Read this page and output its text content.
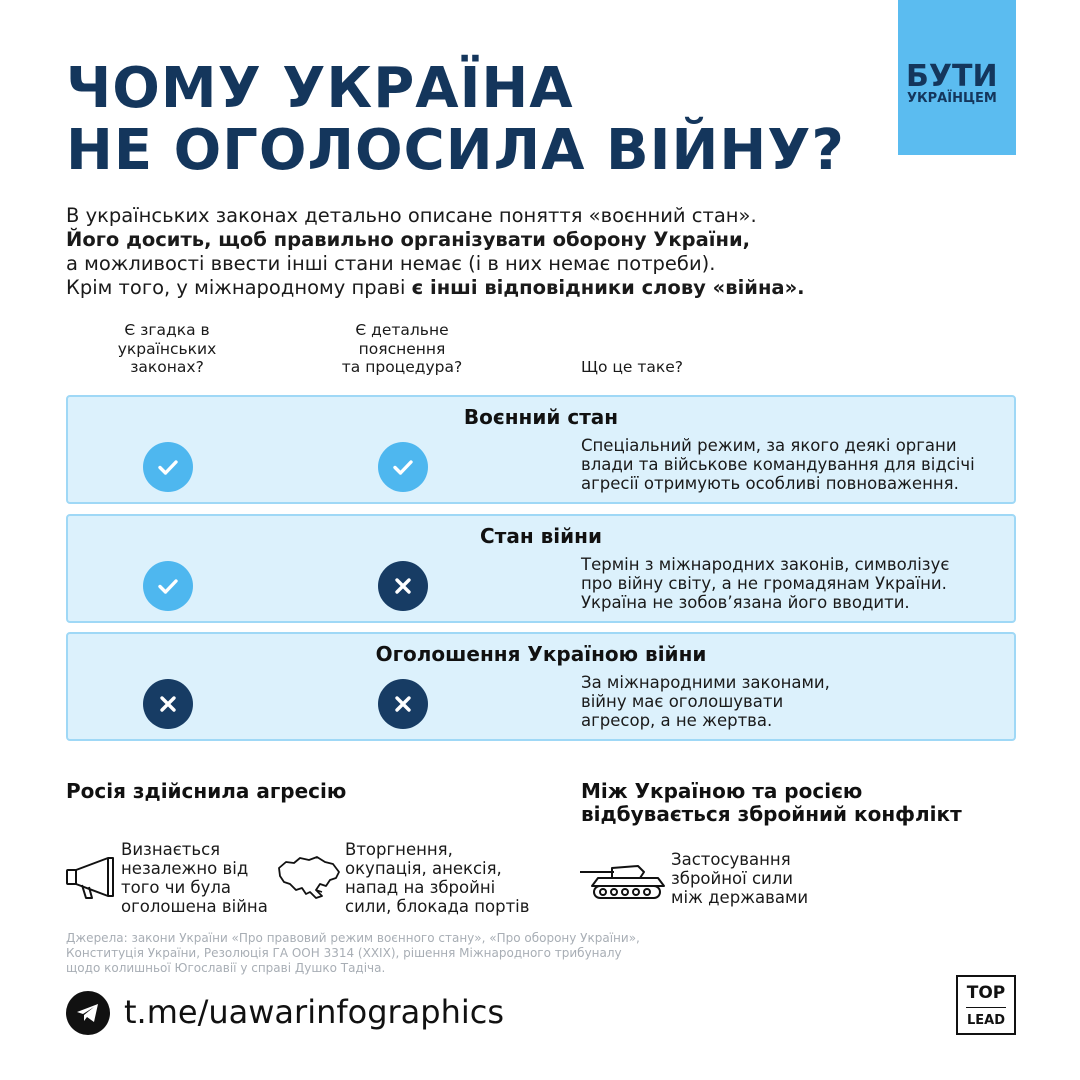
ЧОМУ УКРАЇНА
НЕ ОГОЛОСИЛА ВІЙНУ?
БУТИ
УКРАЇНЦЕМ
В українських законах детально описане поняття «воєнний стан».
Його досить, щоб правильно організувати оборону України,
а можливості ввести інші стани немає (і в них немає потреби).
Крім того, у міжнародному праві є інші відповідники слову «війна».
Є згадка в
українських
законах?
Є детальне
пояснення
та процедура?	Що це таке?
Воєнний стан
Спеціальний режим, за якого деякі органи
влади та військове командування для відсічі
агресії отримують особливі повноваження.
Стан війни
Термін з міжнародних законів, символізує
про війну світу, а не громадянам України.
Україна не зобов’язана його вводити.
Оголошення Україною війни
За міжнародними законами,
війну має оголошувати
агресор, а не жертва.
Росія здійснила агресію
Визнається
незалежно від
того чи була
оголошена війна
Вторгнення,
окупація, анексія,
напад на збройні
сили, блокада портів
Між Україною та росією
відбувається збройний конфлікт
Застосування
збройної сили
між державами
Джерела: закони України «Про правовий режим воєнного стану», «Про оборону України»,
Конституція України, Резолюція ГА ООН 3314 (XXIX), рішення Міжнародного трибуналу
щодо колишньої Югославії у справі Душко Тадіча.
t.me/uawarinfographics	TOP
LEAD
